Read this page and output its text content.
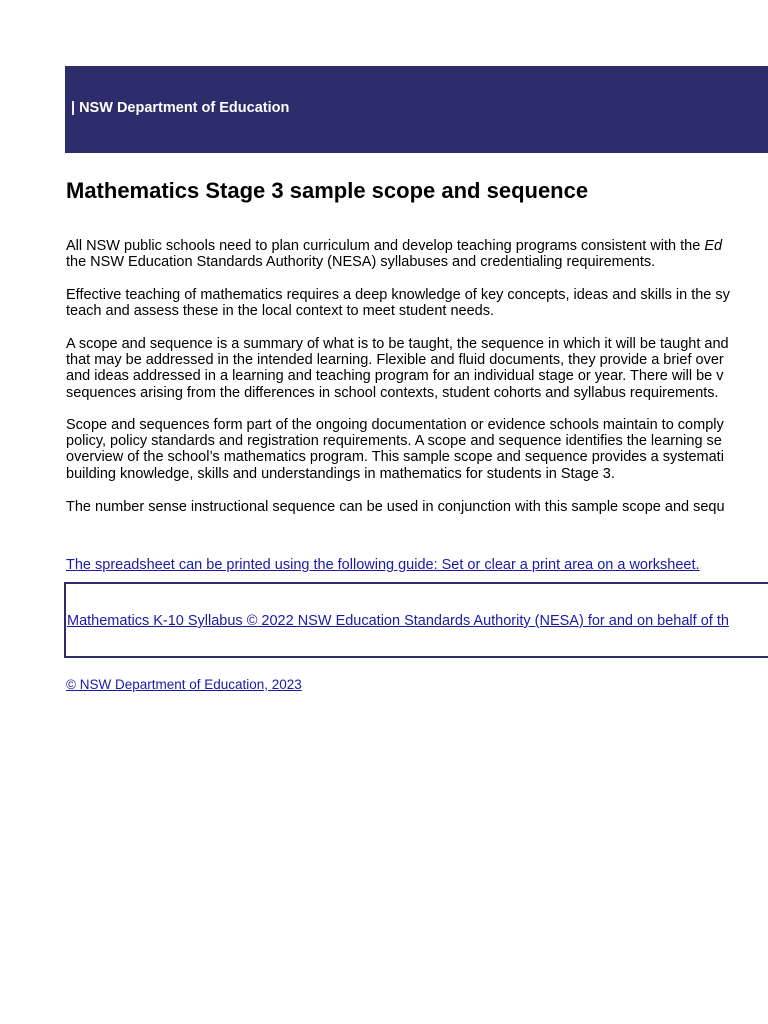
| NSW Department of Education
Mathematics Stage 3 sample scope and sequence

All NSW public schools need to plan curriculum and develop teaching programs consistent with the Ed
the NSW Education Standards Authority (NESA) syllabuses and credentialing requirements.

Effective teaching of mathematics requires a deep knowledge of key concepts, ideas and skills in the sy
teach and assess these in the local context to meet student needs.

A scope and sequence is a summary of what is to be taught, the sequence in which it will be taught and
that may be addressed in the intended learning. Flexible and fluid documents, they provide a brief over
and ideas addressed in a learning and teaching program for an individual stage or year. There will be v
sequences arising from the differences in school contexts, student cohorts and syllabus requirements.

Scope and sequences form part of the ongoing documentation or evidence schools maintain to comply
policy, policy standards and registration requirements. A scope and sequence identifies the learning se
overview of the school’s mathematics program. This sample scope and sequence provides a systemati
building knowledge, skills and understandings in mathematics for students in Stage 3.

The number sense instructional sequence can be used in conjunction with this sample scope and sequ

The spreadsheet can be printed using the following guide: Set or clear a print area on a worksheet.
Mathematics K-10 Syllabus © 2022 NSW Education Standards Authority (NESA) for and on behalf of th
© NSW Department of Education, 2023
